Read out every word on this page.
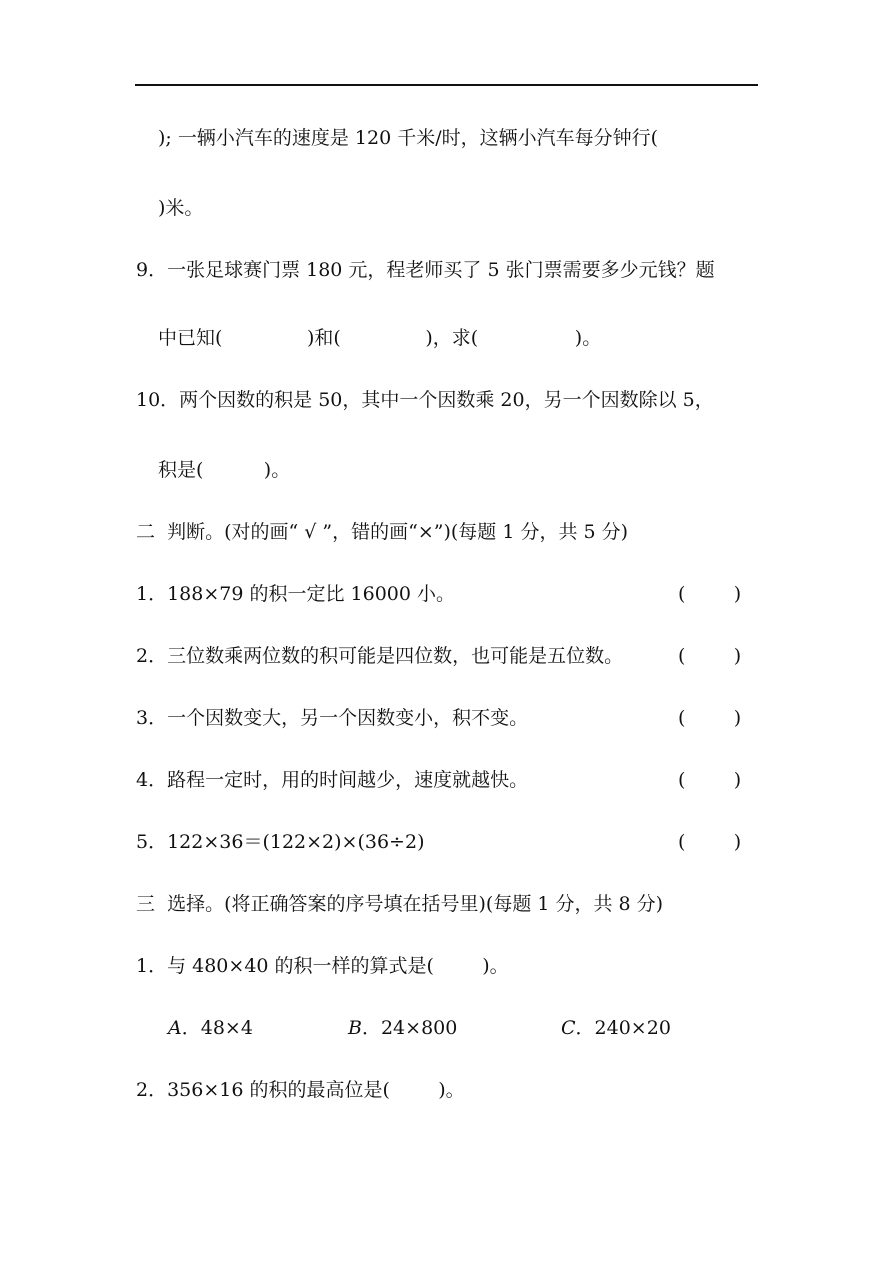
); 一辆小汽车的速度是 120 千米/时，这辆小汽车每分钟行(
)米。
9．一张足球赛门票 180 元，程老师买了 5 张门票需要多少元钱？题
中已知(              )和(              )，求(                )。
10．两个因数的积是 50，其中一个因数乘 20，另一个因数除以 5，
积是(          )。
二  判断。(对的画“ √ ”，错的画“×”)(每题 1 分，共 5 分)
1．188×79 的积一定比 16000 小。	(        )
2．三位数乘两位数的积可能是四位数，也可能是五位数。	(        )
3．一个因数变大，另一个因数变小，积不变。	(        )
4．路程一定时，用的时间越少，速度就越快。	(        )
5．122×36＝(122×2)×(36÷2)	(        )
三  选择。(将正确答案的序号填在括号里)(每题 1 分，共 8 分)
1．与 480×40 的积一样的算式是(        )。
A．48×4	B．24×800	C．240×20
2．356×16 的积的最高位是(        )。
